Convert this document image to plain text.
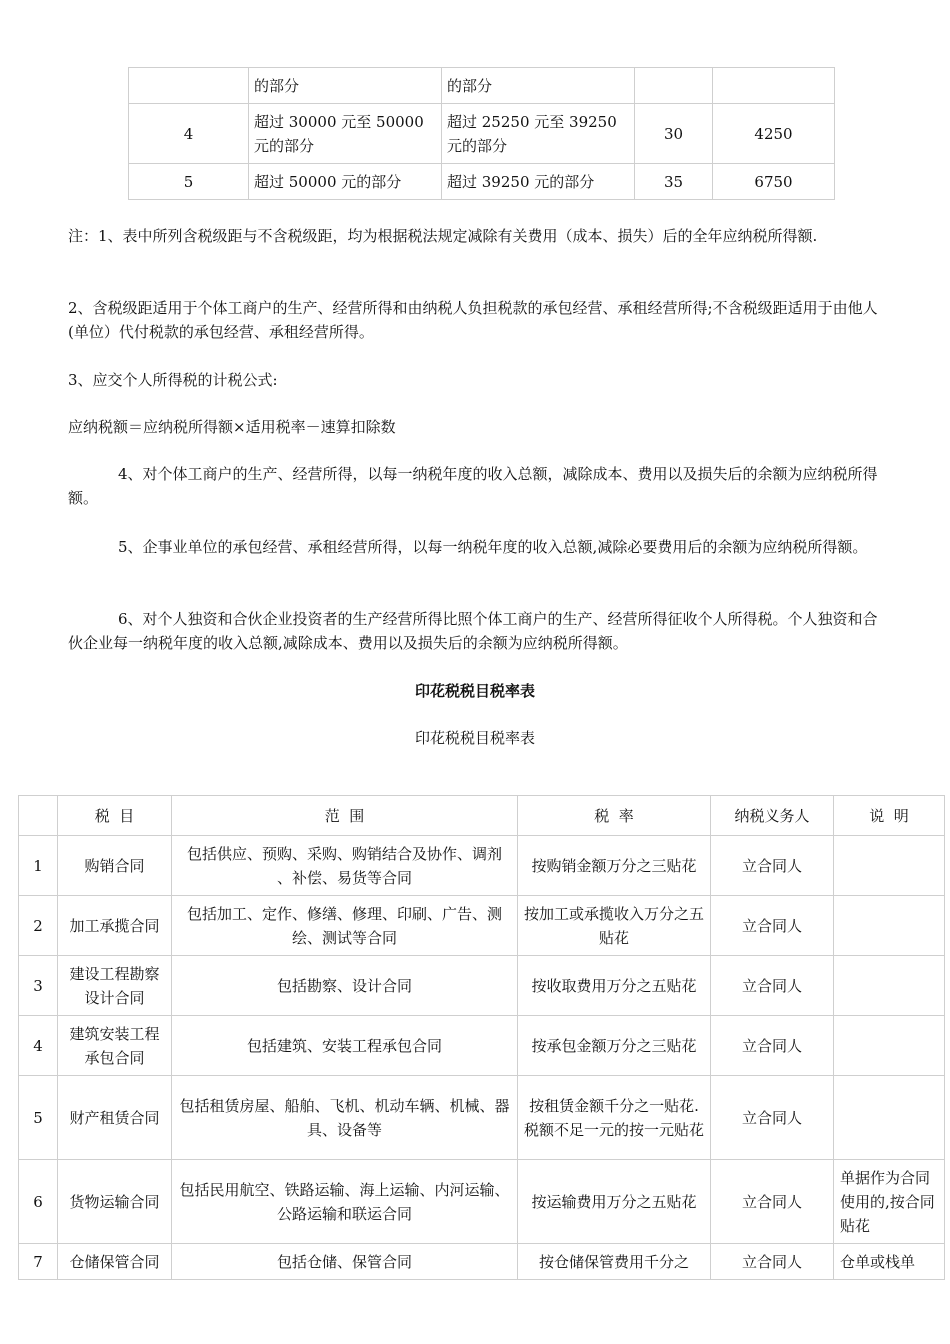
	的部分	的部分		
4	超过 30000 元至 50000 元的部分	超过 25250 元至 39250 元的部分	30	4250
5	超过 50000 元的部分	超过 39250 元的部分	35	6750

注：1、表中所列含税级距与不含税级距，均为根据税法规定减除有关费用（成本、损失）后的全年应纳税所得额.

2、含税级距适用于个体工商户的生产、经营所得和由纳税人负担税款的承包经营、承租经营所得;不含税级距适用于由他人(单位）代付税款的承包经营、承租经营所得。

3、应交个人所得税的计税公式:

应纳税额＝应纳税所得额×适用税率－速算扣除数

4、对个体工商户的生产、经营所得，以每一纳税年度的收入总额，减除成本、费用以及损失后的余额为应纳税所得额。

5、企事业单位的承包经营、承租经营所得，以每一纳税年度的收入总额,减除必要费用后的余额为应纳税所得额。

6、对个人独资和合伙企业投资者的生产经营所得比照个体工商户的生产、经营所得征收个人所得税。个人独资和合伙企业每一纳税年度的收入总额,减除成本、费用以及损失后的余额为应纳税所得额。

印花税税目税率表

印花税税目税率表

	税  目	范  围	税  率	纳税义务人	说  明
1	购销合同	包括供应、预购、采购、购销结合及协作、调剂 、补偿、易货等合同	按购销金额万分之三贴花	立合同人	
2	加工承揽合同	包括加工、定作、修缮、修理、印刷、广告、测绘、测试等合同	按加工或承揽收入万分之五贴花	立合同人	
3	建设工程勘察设计合同	包括勘察、设计合同	按收取费用万分之五贴花	立合同人	
4	建筑安装工程承包合同	包括建筑、安装工程承包合同	按承包金额万分之三贴花	立合同人	
5	财产租赁合同	包括租赁房屋、船舶、飞机、机动车辆、机械、器具、设备等	按租赁金额千分之一贴花.税额不足一元的按一元贴花	立合同人	
6	货物运输合同	包括民用航空、铁路运输、海上运输、内河运输、公路运输和联运合同	按运输费用万分之五贴花	立合同人	单据作为合同使用的,按合同贴花
7	仓储保管合同	包括仓储、保管合同	按仓储保管费用千分之	立合同人	仓单或栈单
